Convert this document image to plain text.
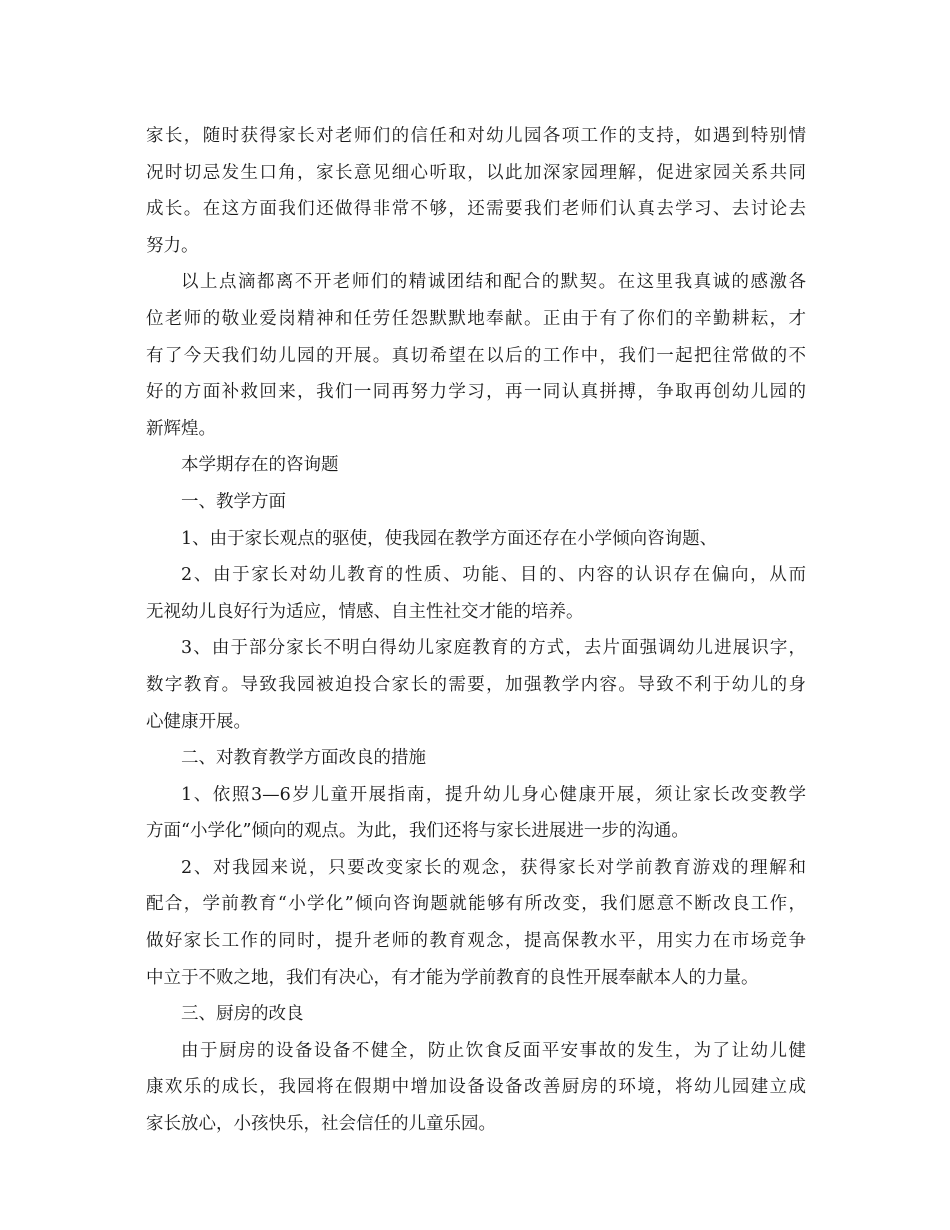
家长，随时获得家长对老师们的信任和对幼儿园各项工作的支持，如遇到特别情
况时切忌发生口角，家长意见细心听取，以此加深家园理解，促进家园关系共同
成长。在这方面我们还做得非常不够，还需要我们老师们认真去学习、去讨论去
努力。
以上点滴都离不开老师们的精诚团结和配合的默契。在这里我真诚的感激各
位老师的敬业爱岗精神和任劳任怨默默地奉献。正由于有了你们的辛勤耕耘，才
有了今天我们幼儿园的开展。真切希望在以后的工作中，我们一起把往常做的不
好的方面补救回来，我们一同再努力学习，再一同认真拼搏，争取再创幼儿园的
新辉煌。
本学期存在的咨询题
一、教学方面
1、由于家长观点的驱使，使我园在教学方面还存在小学倾向咨询题、
2、由于家长对幼儿教育的性质、功能、目的、内容的认识存在偏向，从而
无视幼儿良好行为适应，情感、自主性社交才能的培养。
3、由于部分家长不明白得幼儿家庭教育的方式，去片面强调幼儿进展识字，
数字教育。导致我园被迫投合家长的需要，加强教学内容。导致不利于幼儿的身
心健康开展。
二、对教育教学方面改良的措施
1、依照3—6岁儿童开展指南，提升幼儿身心健康开展，须让家长改变教学
方面“小学化”倾向的观点。为此，我们还将与家长进展进一步的沟通。
2、对我园来说，只要改变家长的观念，获得家长对学前教育游戏的理解和
配合，学前教育“小学化”倾向咨询题就能够有所改变，我们愿意不断改良工作，
做好家长工作的同时，提升老师的教育观念，提高保教水平，用实力在市场竞争
中立于不败之地，我们有决心，有才能为学前教育的良性开展奉献本人的力量。
三、厨房的改良
由于厨房的设备设备不健全，防止饮食反面平安事故的发生，为了让幼儿健
康欢乐的成长，我园将在假期中增加设备设备改善厨房的环境，将幼儿园建立成
家长放心，小孩快乐，社会信任的儿童乐园。
